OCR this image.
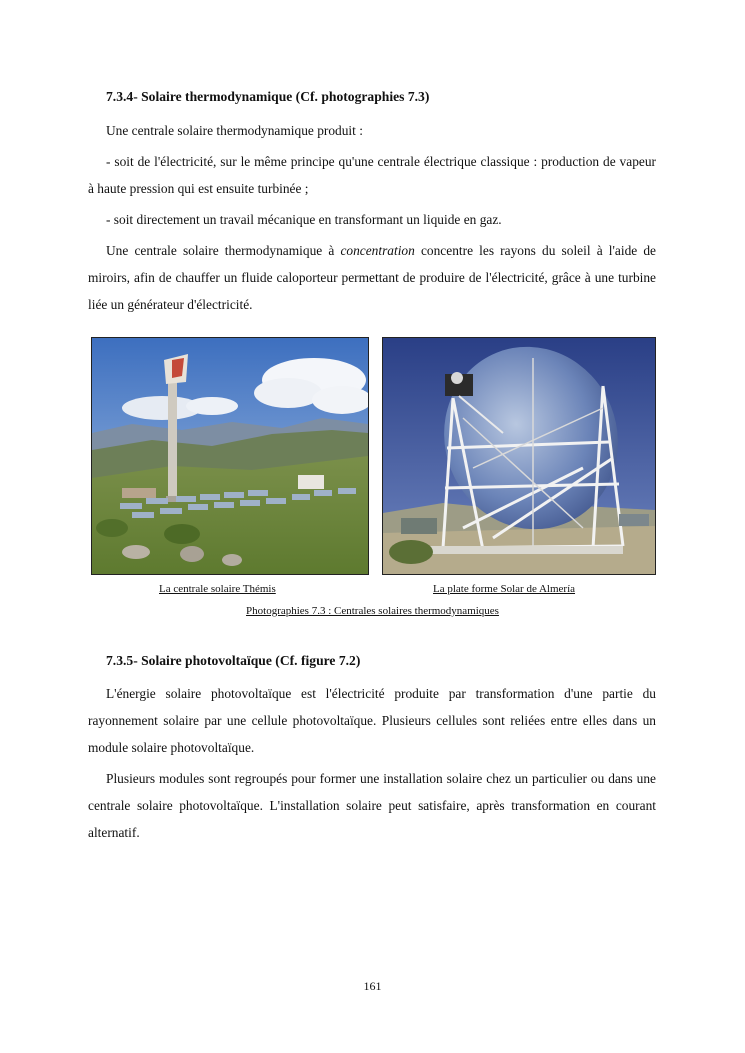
7.3.4- Solaire thermodynamique (Cf. photographies 7.3)

Une centrale solaire thermodynamique produit :

- soit de l'électricité, sur le même principe qu'une centrale électrique classique : production de vapeur à haute pression qui est ensuite turbinée ;

- soit directement un travail mécanique en transformant un liquide en gaz.

Une centrale solaire thermodynamique à concentration concentre les rayons du soleil à l'aide de miroirs, afin de chauffer un fluide caloporteur permettant de produire de l'électricité, grâce à une turbine liée un générateur d'électricité.

La centrale solaire Thémis	La plate forme Solar de Almería
Photographies 7.3 : Centrales solaires thermodynamiques
7.3.5- Solaire photovoltaïque (Cf. figure 7.2)

L'énergie solaire photovoltaïque est l'électricité produite par transformation d'une partie du rayonnement solaire par une cellule photovoltaïque. Plusieurs cellules sont reliées entre elles dans un module solaire photovoltaïque.

Plusieurs modules sont regroupés pour former une installation solaire chez un particulier ou dans une centrale solaire photovoltaïque. L'installation solaire peut satisfaire, après transformation en courant alternatif.

161
